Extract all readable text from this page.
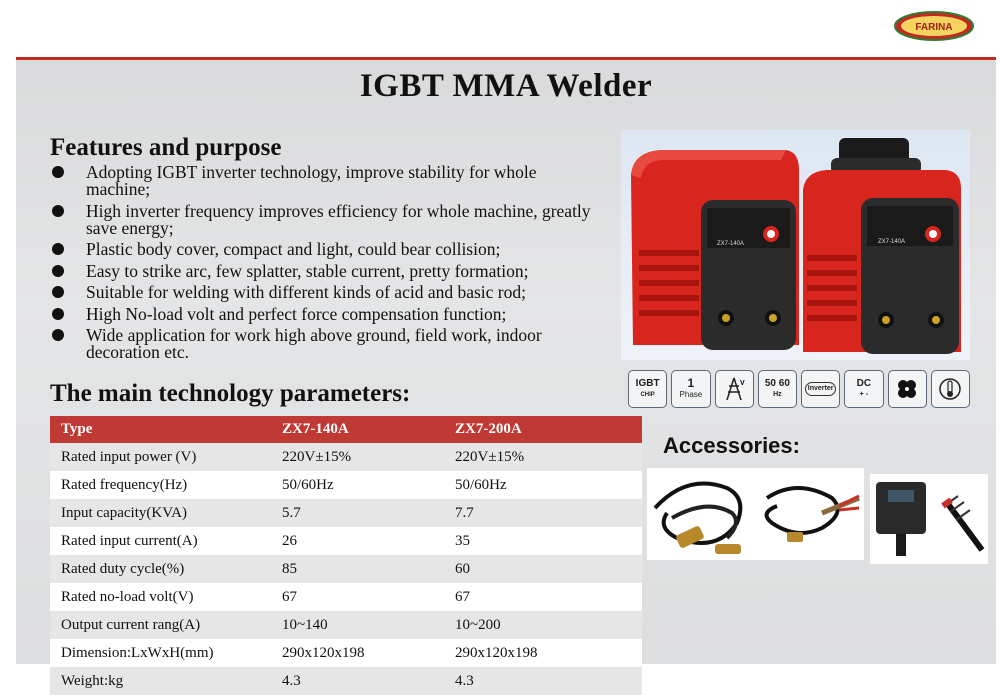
FARINA
IGBT MMA Welder
Features and purpose
Adopting IGBT inverter technology, improve stability for whole machine;
High inverter frequency improves efficiency for whole machine, greatly save energy;
Plastic body cover, compact and light, could bear collision;
Easy to strike arc, few splatter, stable current, pretty formation;
Suitable for welding with different kinds of acid and basic rod;
High No-load volt and perfect force compensation function;
Wide application for work high above ground, field work, indoor decoration etc.
The main technology parameters:
Type	ZX7-140A	ZX7-200A
Rated input power (V)	220V±15%	220V±15%
Rated frequency(Hz)	50/60Hz	50/60Hz
Input capacity(KVA)	5.7	7.7
Rated input current(A)	26	35
Rated duty cycle(%)	85	60
Rated no-load volt(V)	67	67
Output current rang(A)	10~140	10~200
Dimension:LxWxH(mm)	290x120x198	290x120x198
Weight:kg	4.3	4.3
ZX7-140A	ZX7-140A
IGBT
CHIP
1
Phase
V 50 60
Hz
Inverter	DC
+ -
Accessories:
